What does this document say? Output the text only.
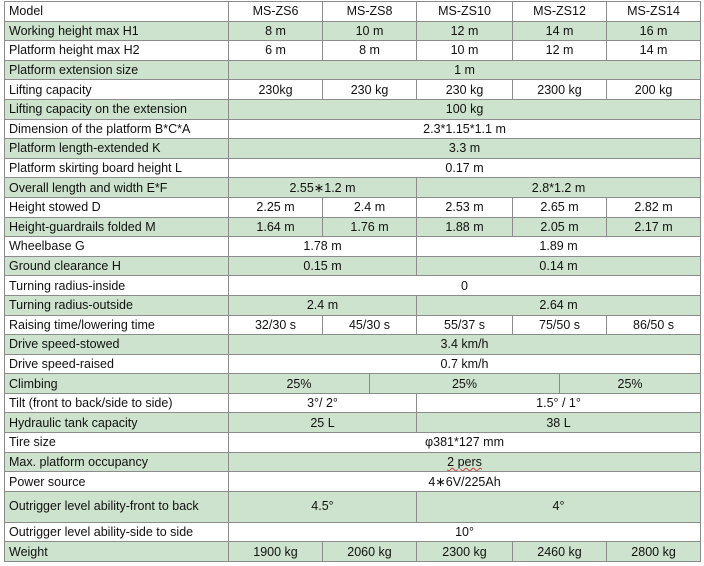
Model	MS-ZS6	MS-ZS8		MS-ZS10	MS-ZS12		MS-ZS14
Working height max H1	8 m	10 m		12 m	14 m		16 m
Platform height max H2	6 m	8 m		10 m	12 m		14 m
Platform extension size	1 m						
Lifting capacity	230kg	230 kg		230 kg	2300 kg		200 kg
Lifting capacity on the extension	100 kg						
Dimension of the platform B*C*A	2.3*1.15*1.1 m						
Platform length-extended K	3.3 m						
Platform skirting board height L	0.17 m						
Overall length and width E*F	2.55∗1.2 m			2.8*1.2 m			
Height stowed D	2.25 m	2.4 m		2.53 m	2.65 m		2.82 m
Height-guardrails folded M	1.64 m	1.76 m		1.88 m	2.05 m		2.17 m
Wheelbase G	1.78 m			1.89 m			
Ground clearance H	0.15 m			0.14 m			
Turning radius-inside	0						
Turning radius-outside	2.4 m			2.64 m			
Raising time/lowering time	32/30 s	45/30 s		55/37 s	75/50 s		86/50 s
Drive speed-stowed	3.4 km/h						
Drive speed-raised	0.7 km/h						
Climbing	25%		25%			25%	
Tilt (front to back/side to side)	3°/ 2°			1.5° / 1°			
Hydraulic tank capacity	25 L			38 L			
Tire size	φ381*127 mm						
Max. platform occupancy	2 pers						
Power source	4∗6V/225Ah						
Outrigger level ability-front to back	4.5°			4°			
Outrigger level ability-side to side	10°						
Weight	1900 kg	2060 kg		2300 kg	2460 kg		2800 kg
